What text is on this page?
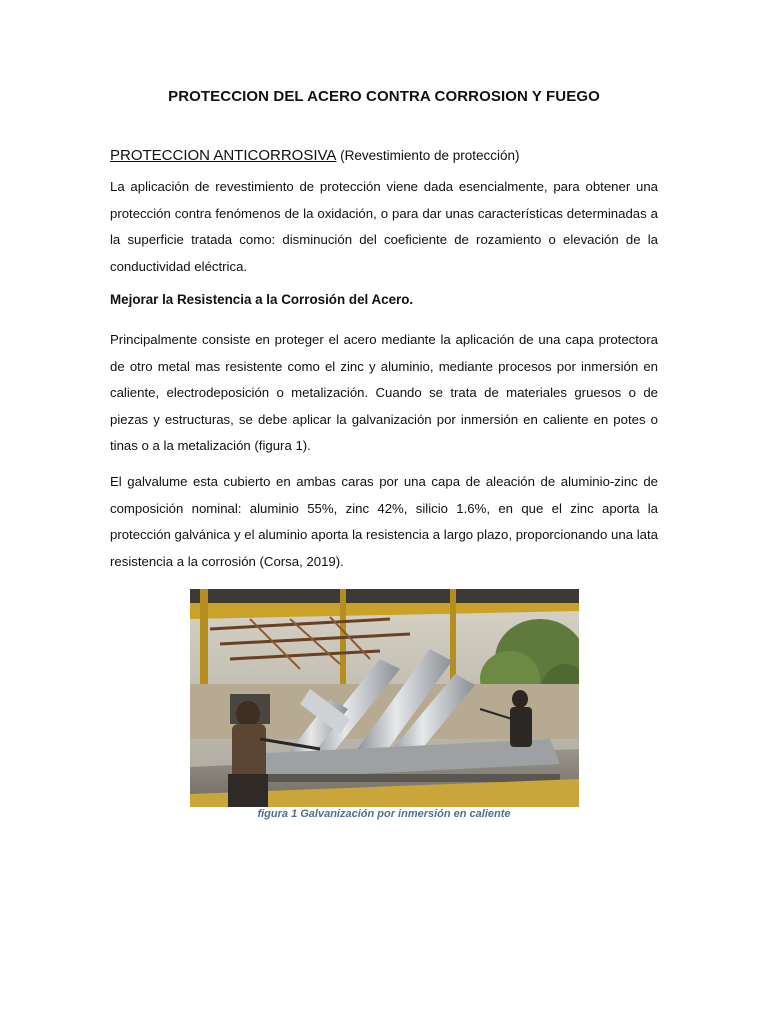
PROTECCION DEL ACERO CONTRA CORROSION Y FUEGO
PROTECCION ANTICORROSIVA (Revestimiento de protección)

La aplicación de revestimiento de protección viene dada esencialmente, para obtener una protección contra fenómenos de la oxidación, o para dar unas características determinadas a la superficie tratada como: disminución del coeficiente de rozamiento o elevación de la conductividad eléctrica.

Mejorar la Resistencia a la Corrosión del Acero.

Principalmente consiste en proteger el acero mediante la aplicación de una capa protectora de otro metal mas resistente como el zinc y aluminio, mediante procesos por inmersión en caliente, electrodeposición o metalización. Cuando se trata de materiales gruesos o de piezas y estructuras, se debe aplicar la galvanización por inmersión en caliente en potes o tinas o a la metalización (figura 1).

El galvalume esta cubierto en ambas caras por una capa de aleación de aluminio-zinc de composición nominal: aluminio 55%, zinc 42%, silicio 1.6%, en que el zinc aporta la protección galvánica y el aluminio aporta la resistencia a largo plazo, proporcionando una lata resistencia a la corrosión (Corsa, 2019).

figura 1 Galvanización por inmersión en caliente
